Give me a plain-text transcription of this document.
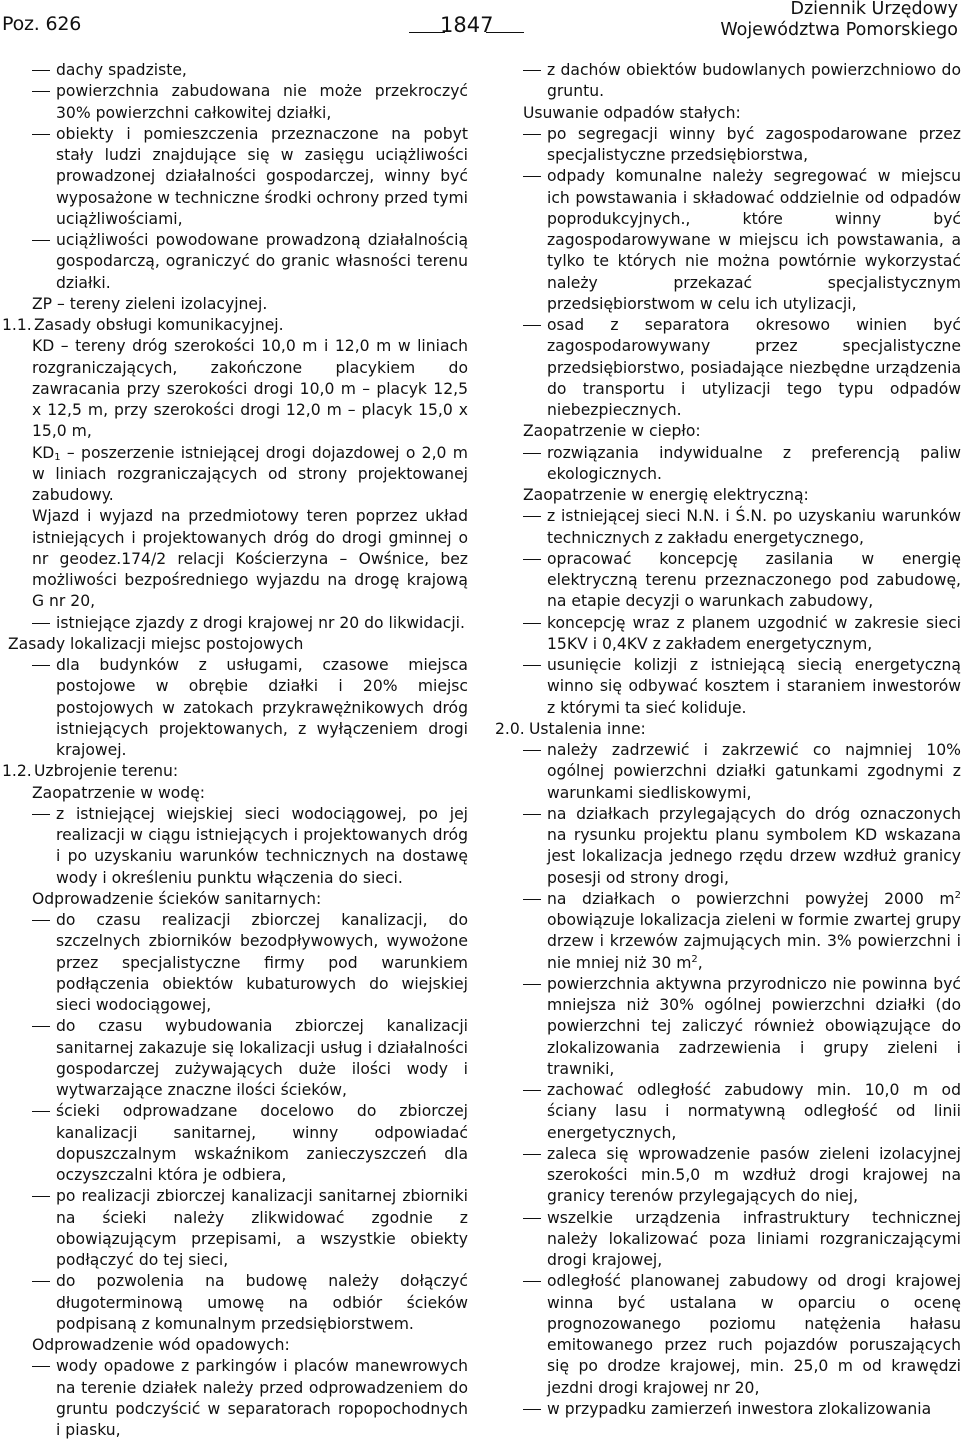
Poz. 626	1847
Dziennik Urzędowy
Województwa Pomorskiego

dachy spadziste,

powierzchnia zabudowana nie może przekroczyć 30% powierzchni całkowitej działki,

obiekty i pomieszczenia przeznaczone na pobyt stały ludzi znajdujące się w zasięgu uciążliwości prowadzonej działalności gospodarczej, winny być wyposażone w techniczne środki ochrony przed tymi uciążliwościami,

uciążliwości powodowane prowadzoną działalnością gospodarczą, ograniczyć do granic własności terenu działki.

ZP – tereny zieleni izolacyjnej.

1.1. Zasady obsługi komunikacyjnej.

KD – tereny dróg szerokości 10,0 m i 12,0 m w liniach rozgraniczających, zakończone placykiem do zawracania przy szerokości drogi 10,0 m – placyk 12,5 x 12,5 m, przy szerokości drogi 12,0 m – placyk 15,0 x 15,0 m,

$KD_1$ – poszerzenie istniejącej drogi dojazdowej o 2,0 m w liniach rozgraniczających od strony projektowanej zabudowy.

Wjazd i wyjazd na przedmiotowy teren poprzez układ istniejących i projektowanych dróg do drogi gminnej o nr geodez.174/2 relacji Kościerzyna – Owśnice, bez możliwości bezpośredniego wyjazdu na drogę krajową G nr 20,

istniejące zjazdy z drogi krajowej nr 20 do likwidacji.

Zasady lokalizacji miejsc postojowych

dla budynków z usługami, czasowe miejsca postojowe w obrębie działki i 20% miejsc postojowych w zatokach przykrawężnikowych dróg istniejących projektowanych, z wyłączeniem drogi krajowej.

1.2. Uzbrojenie terenu:

Zaopatrzenie w wodę:

z istniejącej wiejskiej sieci wodociągowej, po jej realizacji w ciągu istniejących i projektowanych dróg i po uzyskaniu warunków technicznych na dostawę wody i określeniu punktu włączenia do sieci.

Odprowadzenie ścieków sanitarnych:

do czasu realizacji zbiorczej kanalizacji, do szczelnych zbiorników bezodpływowych, wywożone przez specjalistyczne firmy pod warunkiem podłączenia obiektów kubaturowych do wiejskiej sieci wodociągowej,

do czasu wybudowania zbiorczej kanalizacji sanitarnej zakazuje się lokalizacji usług i działalności gospodarczej zużywających duże ilości wody i wytwarzające znaczne ilości ścieków,

ścieki odprowadzane docelowo do zbiorczej kanalizacji sanitarnej, winny odpowiadać dopuszczalnym wskaźnikom zanieczyszczeń dla oczyszczalni która je odbiera,

po realizacji zbiorczej kanalizacji sanitarnej zbiorniki na ścieki należy zlikwidować zgodnie z obowiązującym przepisami, a wszystkie obiekty podłączyć do tej sieci,

do pozwolenia na budowę należy dołączyć długoterminową umowę na odbiór ścieków podpisaną z komunalnym przedsiębiorstwem.

Odprowadzenie wód opadowych:

wody opadowe z parkingów i placów manewrowych na terenie działek należy przed odprowadzeniem do gruntu podczyścić w separatorach ropopochodnych i piasku,

z dachów obiektów budowlanych powierzchniowo do gruntu.

Usuwanie odpadów stałych:

po segregacji winny być zagospodarowane przez specjalistyczne przedsiębiorstwa,

odpady komunalne należy segregować w miejscu ich powstawania i składować oddzielnie od odpadów poprodukcyjnych., które winny być zagospodarowywane w miejscu ich powstawania, a tylko te których nie można powtórnie wykorzystać należy przekazać specjalistycznym przedsiębiorstwom w celu ich utylizacji,

osad z separatora okresowo winien być zagospodarowywany przez specjalistyczne przedsiębiorstwo, posiadające niezbędne urządzenia do transportu i utylizacji tego typu odpadów niebezpiecznych.

Zaopatrzenie w ciepło:

rozwiązania indywidualne z preferencją paliw ekologicznych.

Zaopatrzenie w energię elektryczną:

z istniejącej sieci N.N. i Ś.N. po uzyskaniu warunków technicznych z zakładu energetycznego,

opracować koncepcję zasilania w energię elektryczną terenu przeznaczonego pod zabudowę, na etapie decyzji o warunkach zabudowy,

koncepcję wraz z planem uzgodnić w zakresie sieci 15KV i 0,4KV z zakładem energetycznym,

usunięcie kolizji z istniejącą siecią energetyczną winno się odbywać kosztem i staraniem inwestorów z którymi ta sieć koliduje.

2.0. Ustalenia inne:

należy zadrzewić i zakrzewić co najmniej 10% ogólnej powierzchni działki gatunkami zgodnymi z warunkami siedliskowymi,

na działkach przylegających do dróg oznaczonych na rysunku projektu planu symbolem KD wskazana jest lokalizacja jednego rzędu drzew wzdłuż granicy posesji od strony drogi,

na działkach o powierzchni powyżej 2000 $m^2$ obowiązuje lokalizacja zieleni w formie zwartej grupy drzew i krzewów zajmujących min. 3% powierzchni i nie mniej niż 30 $m^2$,

powierzchnia aktywna przyrodniczo nie powinna być mniejsza niż 30% ogólnej powierzchni działki (do powierzchni tej zaliczyć również obowiązujące do zlokalizowania zadrzewienia i grupy zieleni i trawniki,

zachować odległość zabudowy min. 10,0 m od ściany lasu i normatywną odległość od linii energetycznych,

zaleca się wprowadzenie pasów zieleni izolacyjnej szerokości min.5,0 m wzdłuż drogi krajowej na granicy terenów przylegających do niej,

wszelkie urządzenia infrastruktury technicznej należy lokalizować poza liniami rozgraniczającymi drogi krajowej,

odległość planowanej zabudowy od drogi krajowej winna być ustalana w oparciu o ocenę prognozowanego poziomu natężenia hałasu emitowanego przez ruch pojazdów poruszających się po drodze krajowej, min. 25,0 m od krawędzi jezdni drogi krajowej nr 20,

w przypadku zamierzeń inwestora zlokalizowania
